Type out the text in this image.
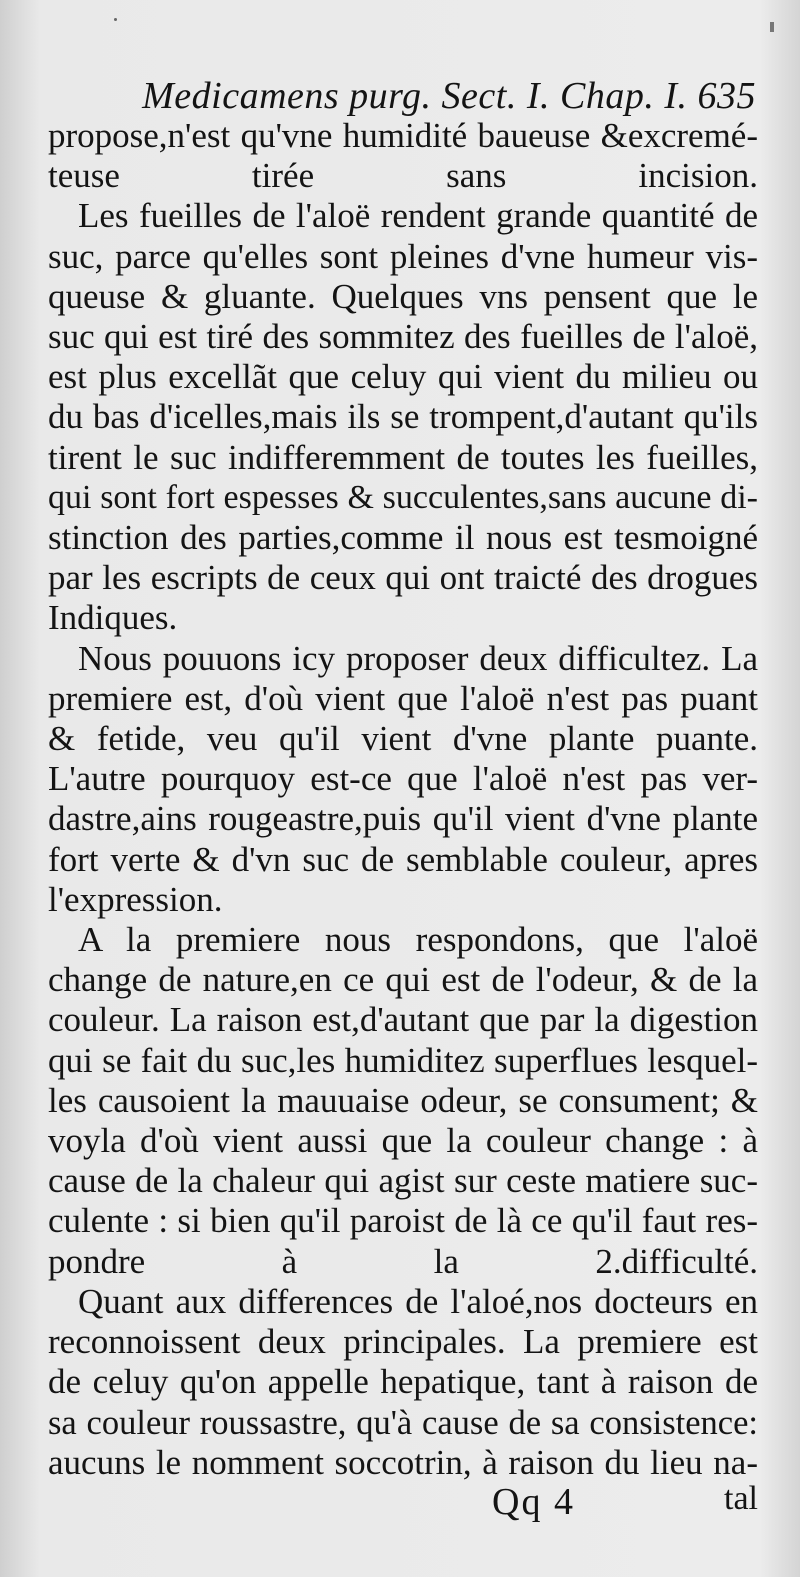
Medicamens purg. Sect. I. Chap. I. 635
propose,n'est qu'vne humidité baueuse &excremé-
teuse tirée sans incision.
Les fueilles de l'aloë rendent grande quantité de
suc, parce qu'elles sont pleines d'vne humeur vis-
queuse & gluante. Quelques vns pensent que le
suc qui est tiré des sommitez des fueilles de l'aloë,
est plus excellãt que celuy qui vient du milieu ou
du bas d'icelles,mais ils se trompent,d'autant qu'ils
tirent le suc indifferemment de toutes les fueilles,
qui sont fort espesses & succulentes,sans aucune di-
stinction des parties,comme il nous est tesmoigné
par les escripts de ceux qui ont traicté des drogues
Indiques.
Nous pouuons icy proposer deux difficultez. La
premiere est, d'où vient que l'aloë n'est pas puant
& fetide, veu qu'il vient d'vne plante puante.
L'autre pourquoy est-ce que l'aloë n'est pas ver-
dastre,ains rougeastre,puis qu'il vient d'vne plante
fort verte & d'vn suc de semblable couleur, apres
l'expression.
A la premiere nous respondons, que l'aloë
change de nature,en ce qui est de l'odeur, & de la
couleur. La raison est,d'autant que par la digestion
qui se fait du suc,les humiditez superflues lesquel-
les causoient la mauuaise odeur, se consument; &
voyla d'où vient aussi que la couleur change : à
cause de la chaleur qui agist sur ceste matiere suc-
culente : si bien qu'il paroist de là ce qu'il faut res-
pondre à la 2.difficulté.
Quant aux differences de l'aloé,nos docteurs en
reconnoissent deux principales. La premiere est
de celuy qu'on appelle hepatique, tant à raison de
sa couleur roussastre, qu'à cause de sa consistence:
aucuns le nomment soccotrin, à raison du lieu na-
Qq 4	tal
